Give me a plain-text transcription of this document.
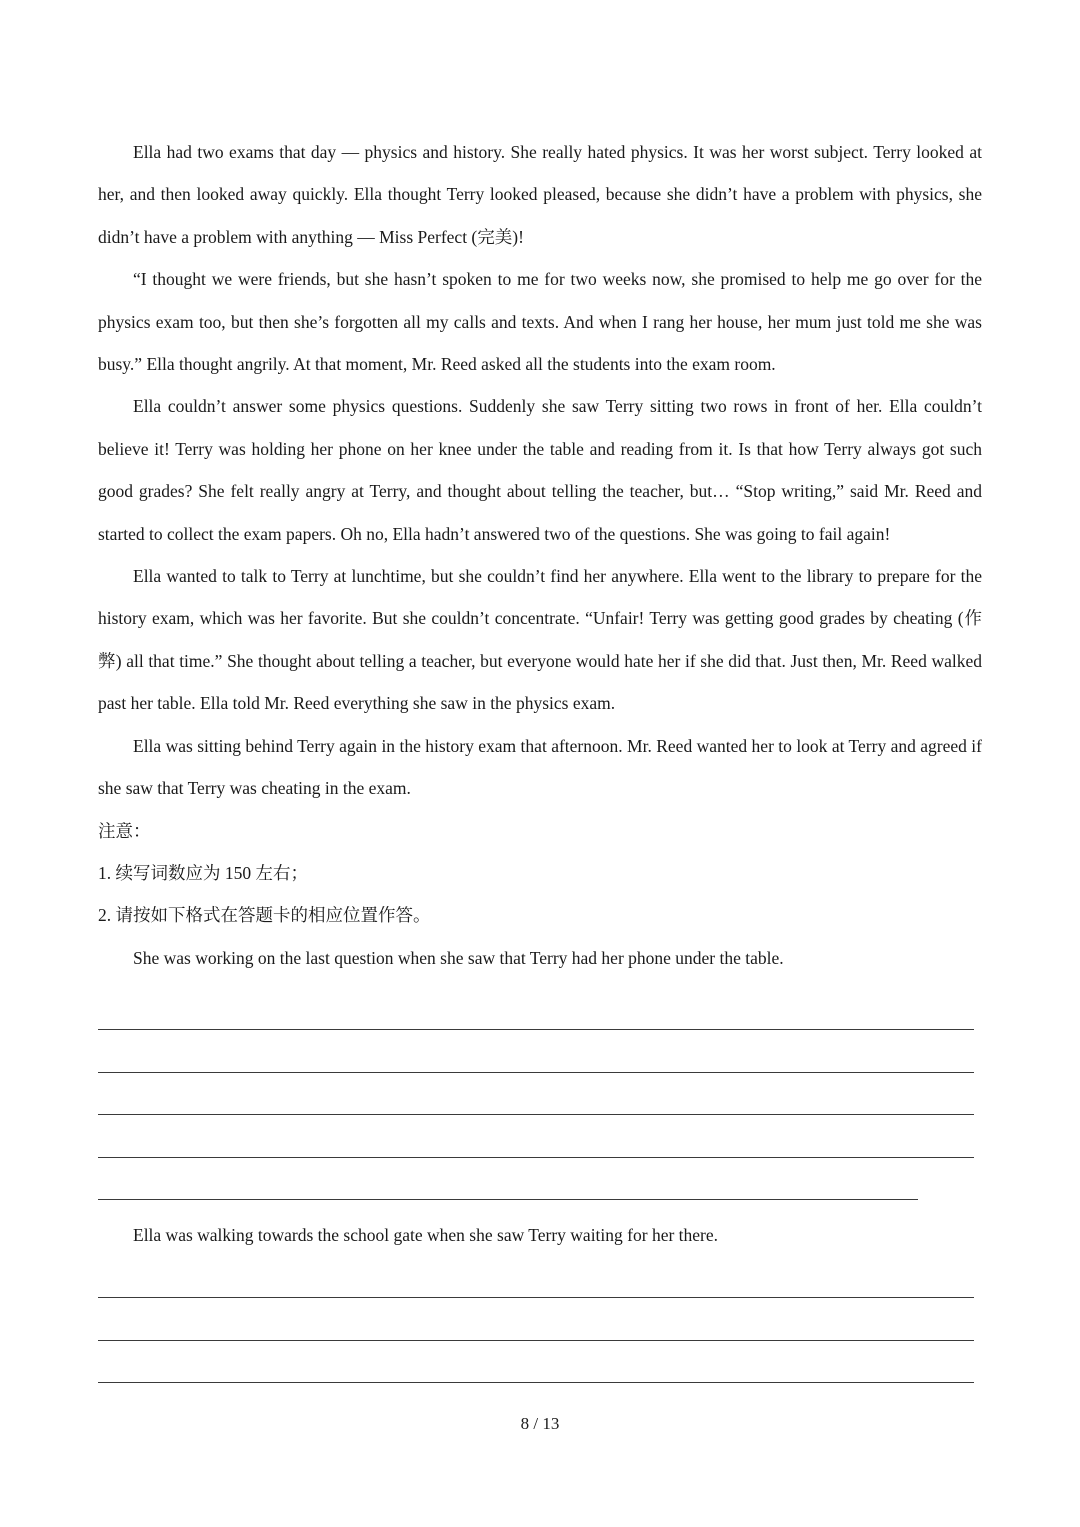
Ella had two exams that day — physics and history. She really hated physics. It was her worst subject. Terry looked at her, and then looked away quickly. Ella thought Terry looked pleased, because she didn’t have a problem with physics, she didn’t have a problem with anything — Miss Perfect (完美)!

“I thought we were friends, but she hasn’t spoken to me for two weeks now, she promised to help me go over for the physics exam too, but then she’s forgotten all my calls and texts. And when I rang her house, her mum just told me she was busy.” Ella thought angrily. At that moment, Mr. Reed asked all the students into the exam room.

Ella couldn’t answer some physics questions. Suddenly she saw Terry sitting two rows in front of her. Ella couldn’t believe it! Terry was holding her phone on her knee under the table and reading from it. Is that how Terry always got such good grades? She felt really angry at Terry, and thought about telling the teacher, but… “Stop writing,” said Mr. Reed and started to collect the exam papers. Oh no, Ella hadn’t answered two of the questions. She was going to fail again!

Ella wanted to talk to Terry at lunchtime, but she couldn’t find her anywhere. Ella went to the library to prepare for the history exam, which was her favorite. But she couldn’t concentrate. “Unfair! Terry was getting good grades by cheating (作弊) all that time.” She thought about telling a teacher, but everyone would hate her if she did that. Just then, Mr. Reed walked past her table. Ella told Mr. Reed everything she saw in the physics exam.

Ella was sitting behind Terry again in the history exam that afternoon. Mr. Reed wanted her to look at Terry and agreed if she saw that Terry was cheating in the exam.

注意：

1. 续写词数应为 150 左右；

2. 请按如下格式在答题卡的相应位置作答。

She was working on the last question when she saw that Terry had her phone under the table.

Ella was walking towards the school gate when she saw Terry waiting for her there.

8 / 13
